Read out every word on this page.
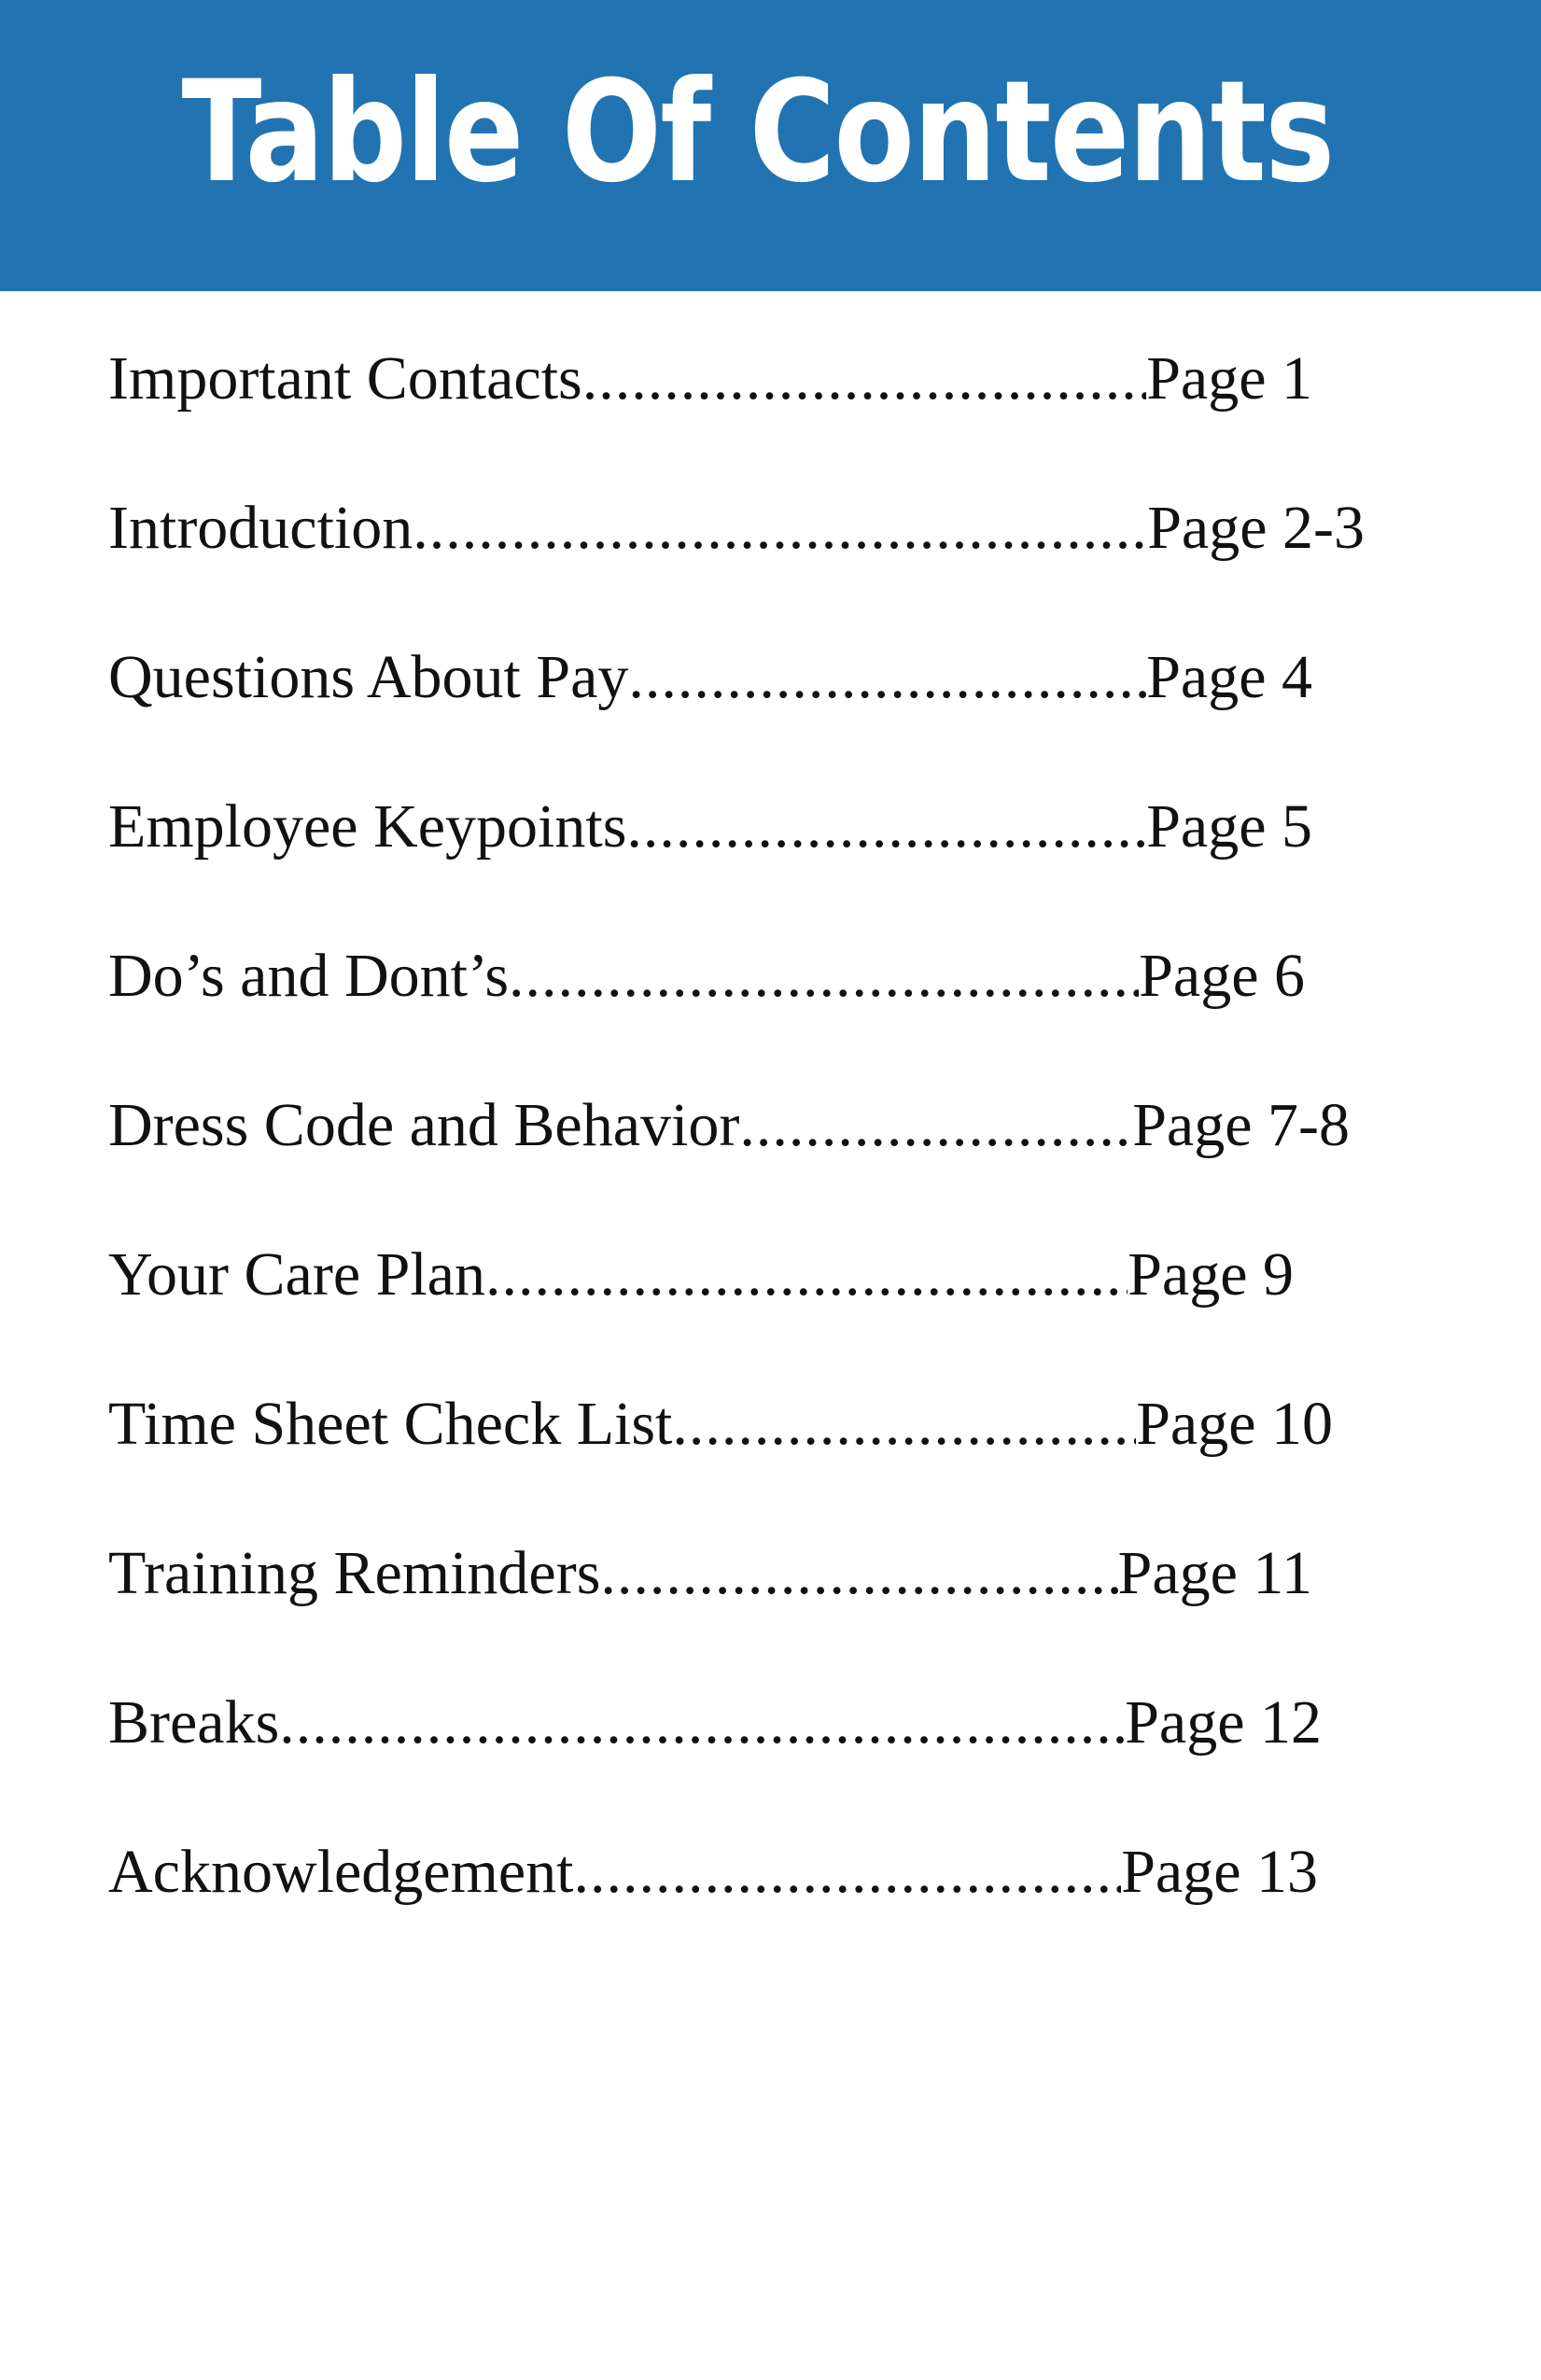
Table Of Contents
Important Contacts .....	Page 1
Introduction .....	Page 2-3
Questions About Pay .....	Page 4
Employee Keypoints .....	Page 5
Do’s and Dont’s .....	Page 6
Dress Code and Behavior .....	Page 7-8
Your Care Plan .....	Page 9
Time Sheet Check List .....	Page 10
Training Reminders .....	Page 11
Breaks .....	Page 12
Acknowledgement .....	Page 13
